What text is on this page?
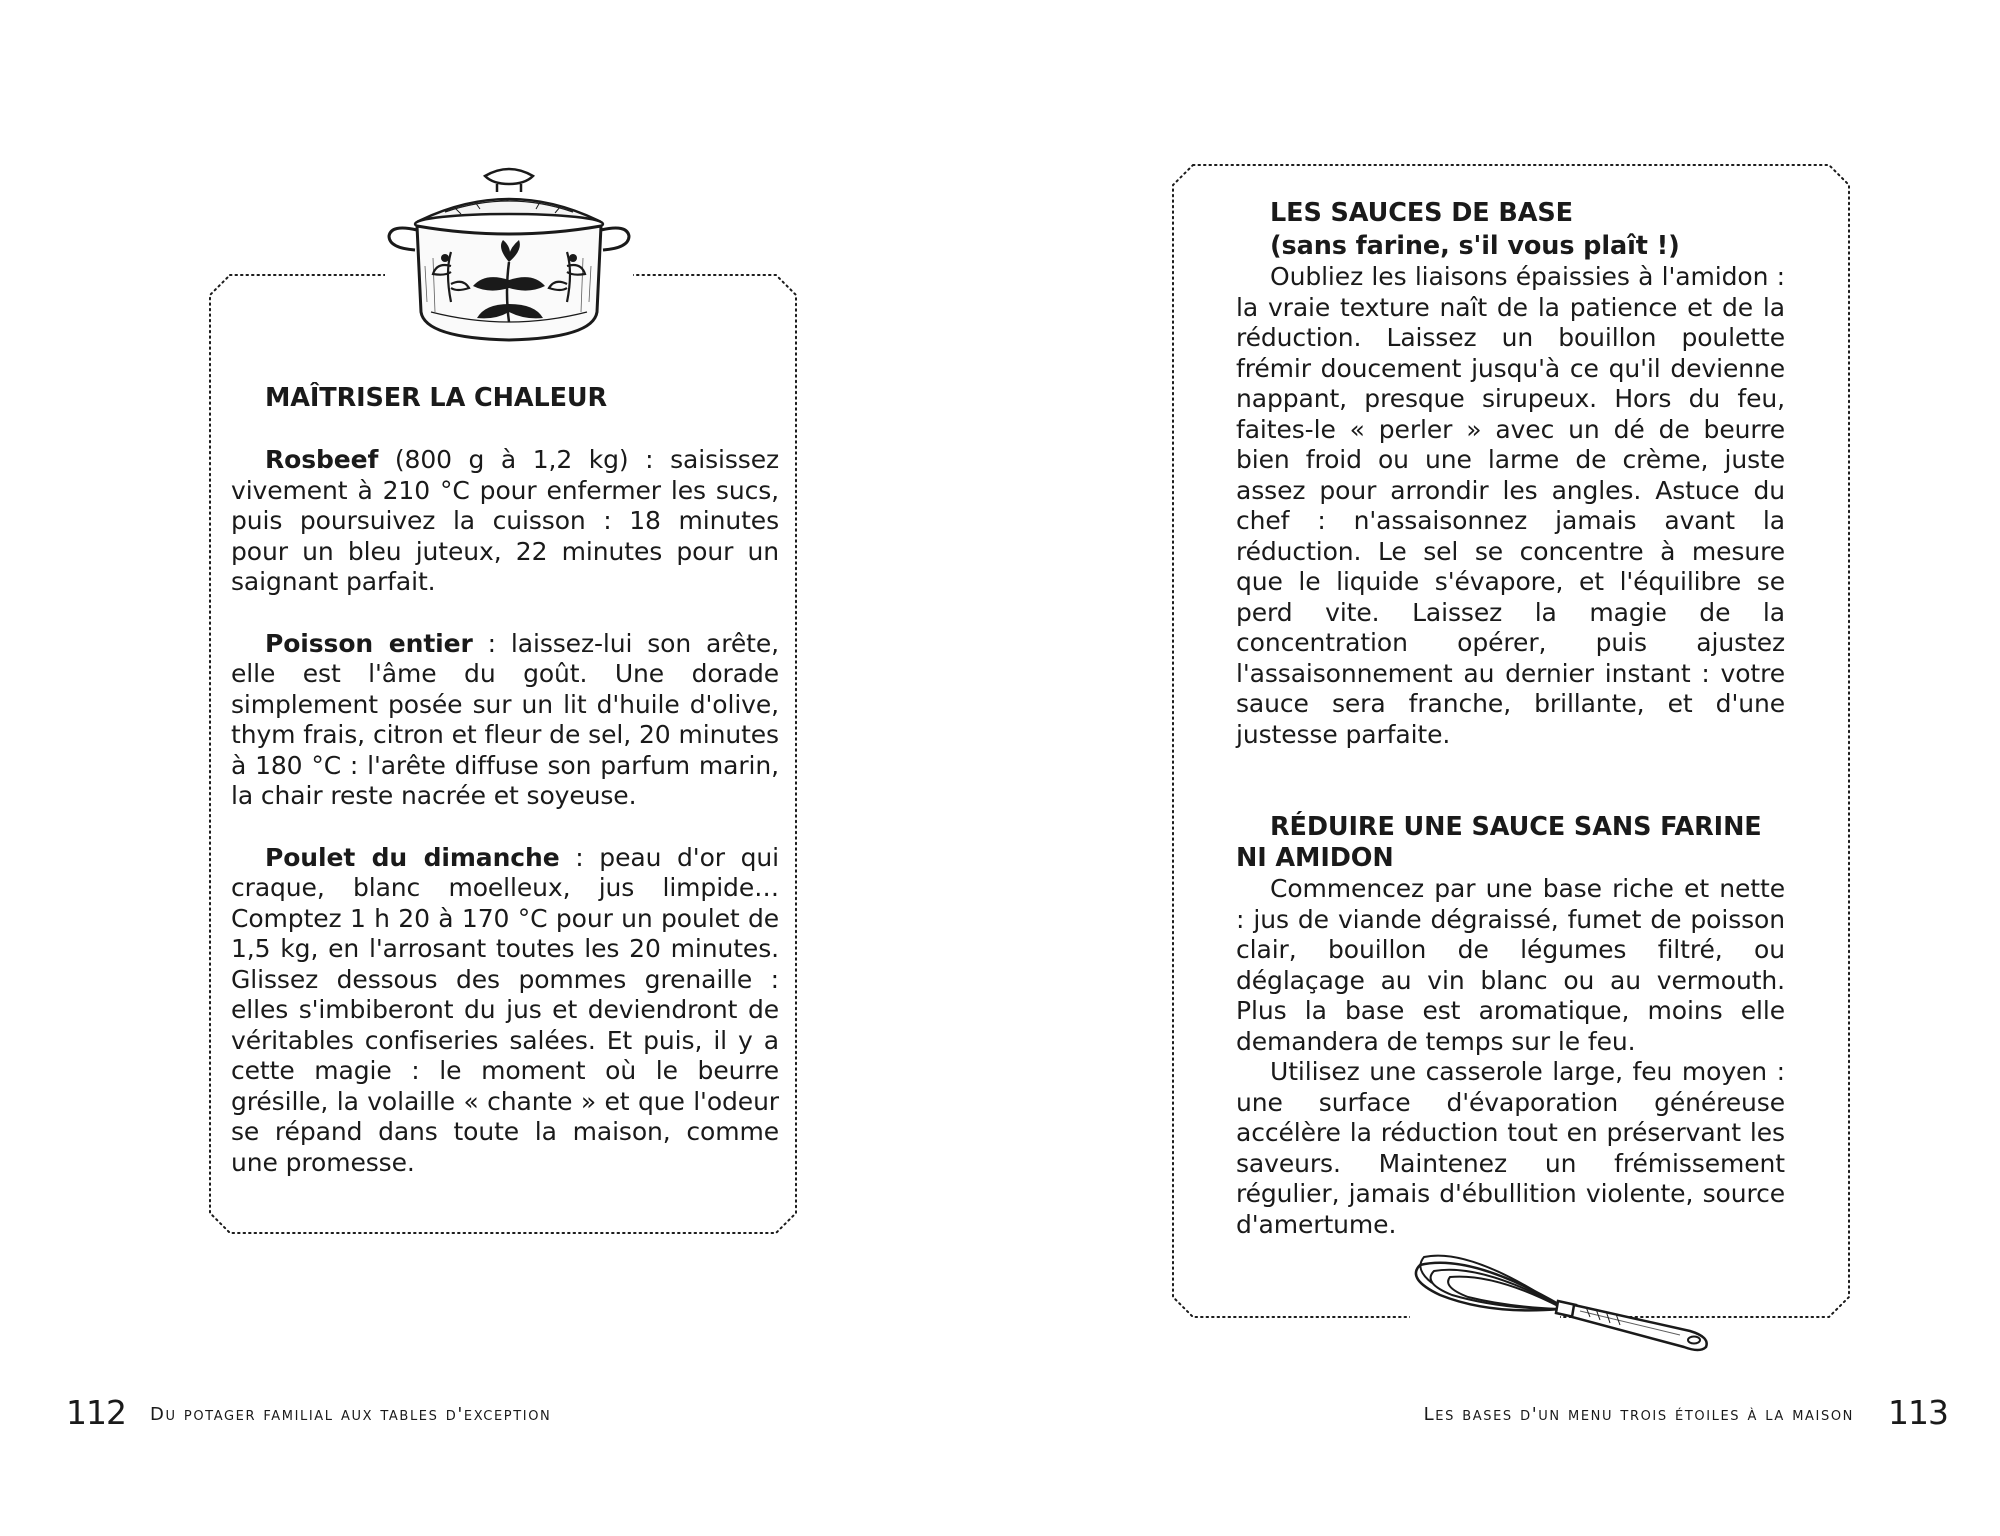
MAÎTRISER LA CHALEUR

Rosbeef (800 g à 1,2 kg) : saisissez vivement à 210 °C pour enfermer les sucs, puis poursuivez la cuisson : 18 minutes pour un bleu juteux, 22 minutes pour un saignant parfait.

Poisson entier : laissez-lui son arête, elle est l'âme du goût. Une dorade simplement posée sur un lit d'huile d'olive, thym frais, citron et fleur de sel, 20 minutes à 180 °C : l'arête diffuse son parfum marin, la chair reste nacrée et soyeuse.

Poulet du dimanche : peau d'or qui craque, blanc moelleux, jus limpide… Comptez 1 h 20 à 170 °C pour un poulet de 1,5 kg, en l'arrosant toutes les 20 minutes. Glissez dessous des pommes grenaille : elles s'imbiberont du jus et deviendront de véritables confiseries salées. Et puis, il y a cette magie : le moment où le beurre grésille, la volaille « chante » et que l'odeur se répand dans toute la maison, comme une promesse.

LES SAUCES DE BASE

(sans farine, s'il vous plaît !)

Oubliez les liaisons épaissies à l'amidon : la vraie texture naît de la patience et de la réduction. Laissez un bouillon poulette frémir doucement jusqu'à ce qu'il devienne nappant, presque sirupeux. Hors du feu, faites-le « perler » avec un dé de beurre bien froid ou une larme de crème, juste assez pour arrondir les angles. Astuce du chef : n'assaisonnez jamais avant la réduction. Le sel se concentre à mesure que le liquide s'évapore, et l'équilibre se perd vite. Laissez la magie de la concentration opérer, puis ajustez l'assaisonnement au dernier instant : votre sauce sera franche, brillante, et d'une justesse parfaite.

RÉDUIRE UNE SAUCE SANS FARINE

NI AMIDON

Commencez par une base riche et nette : jus de viande dégraissé, fumet de poisson clair, bouillon de légumes filtré, ou déglaçage au vin blanc ou au vermouth. Plus la base est aromatique, moins elle demandera de temps sur le feu.

Utilisez une casserole large, feu moyen : une surface d'évaporation généreuse accélère la réduction tout en préservant les saveurs. Maintenez un frémissement régulier, jamais d'ébullition violente, source d'amertume.

112 Du potager familial aux tables d'exception	Les bases d'un menu trois étoiles à la maison 113
